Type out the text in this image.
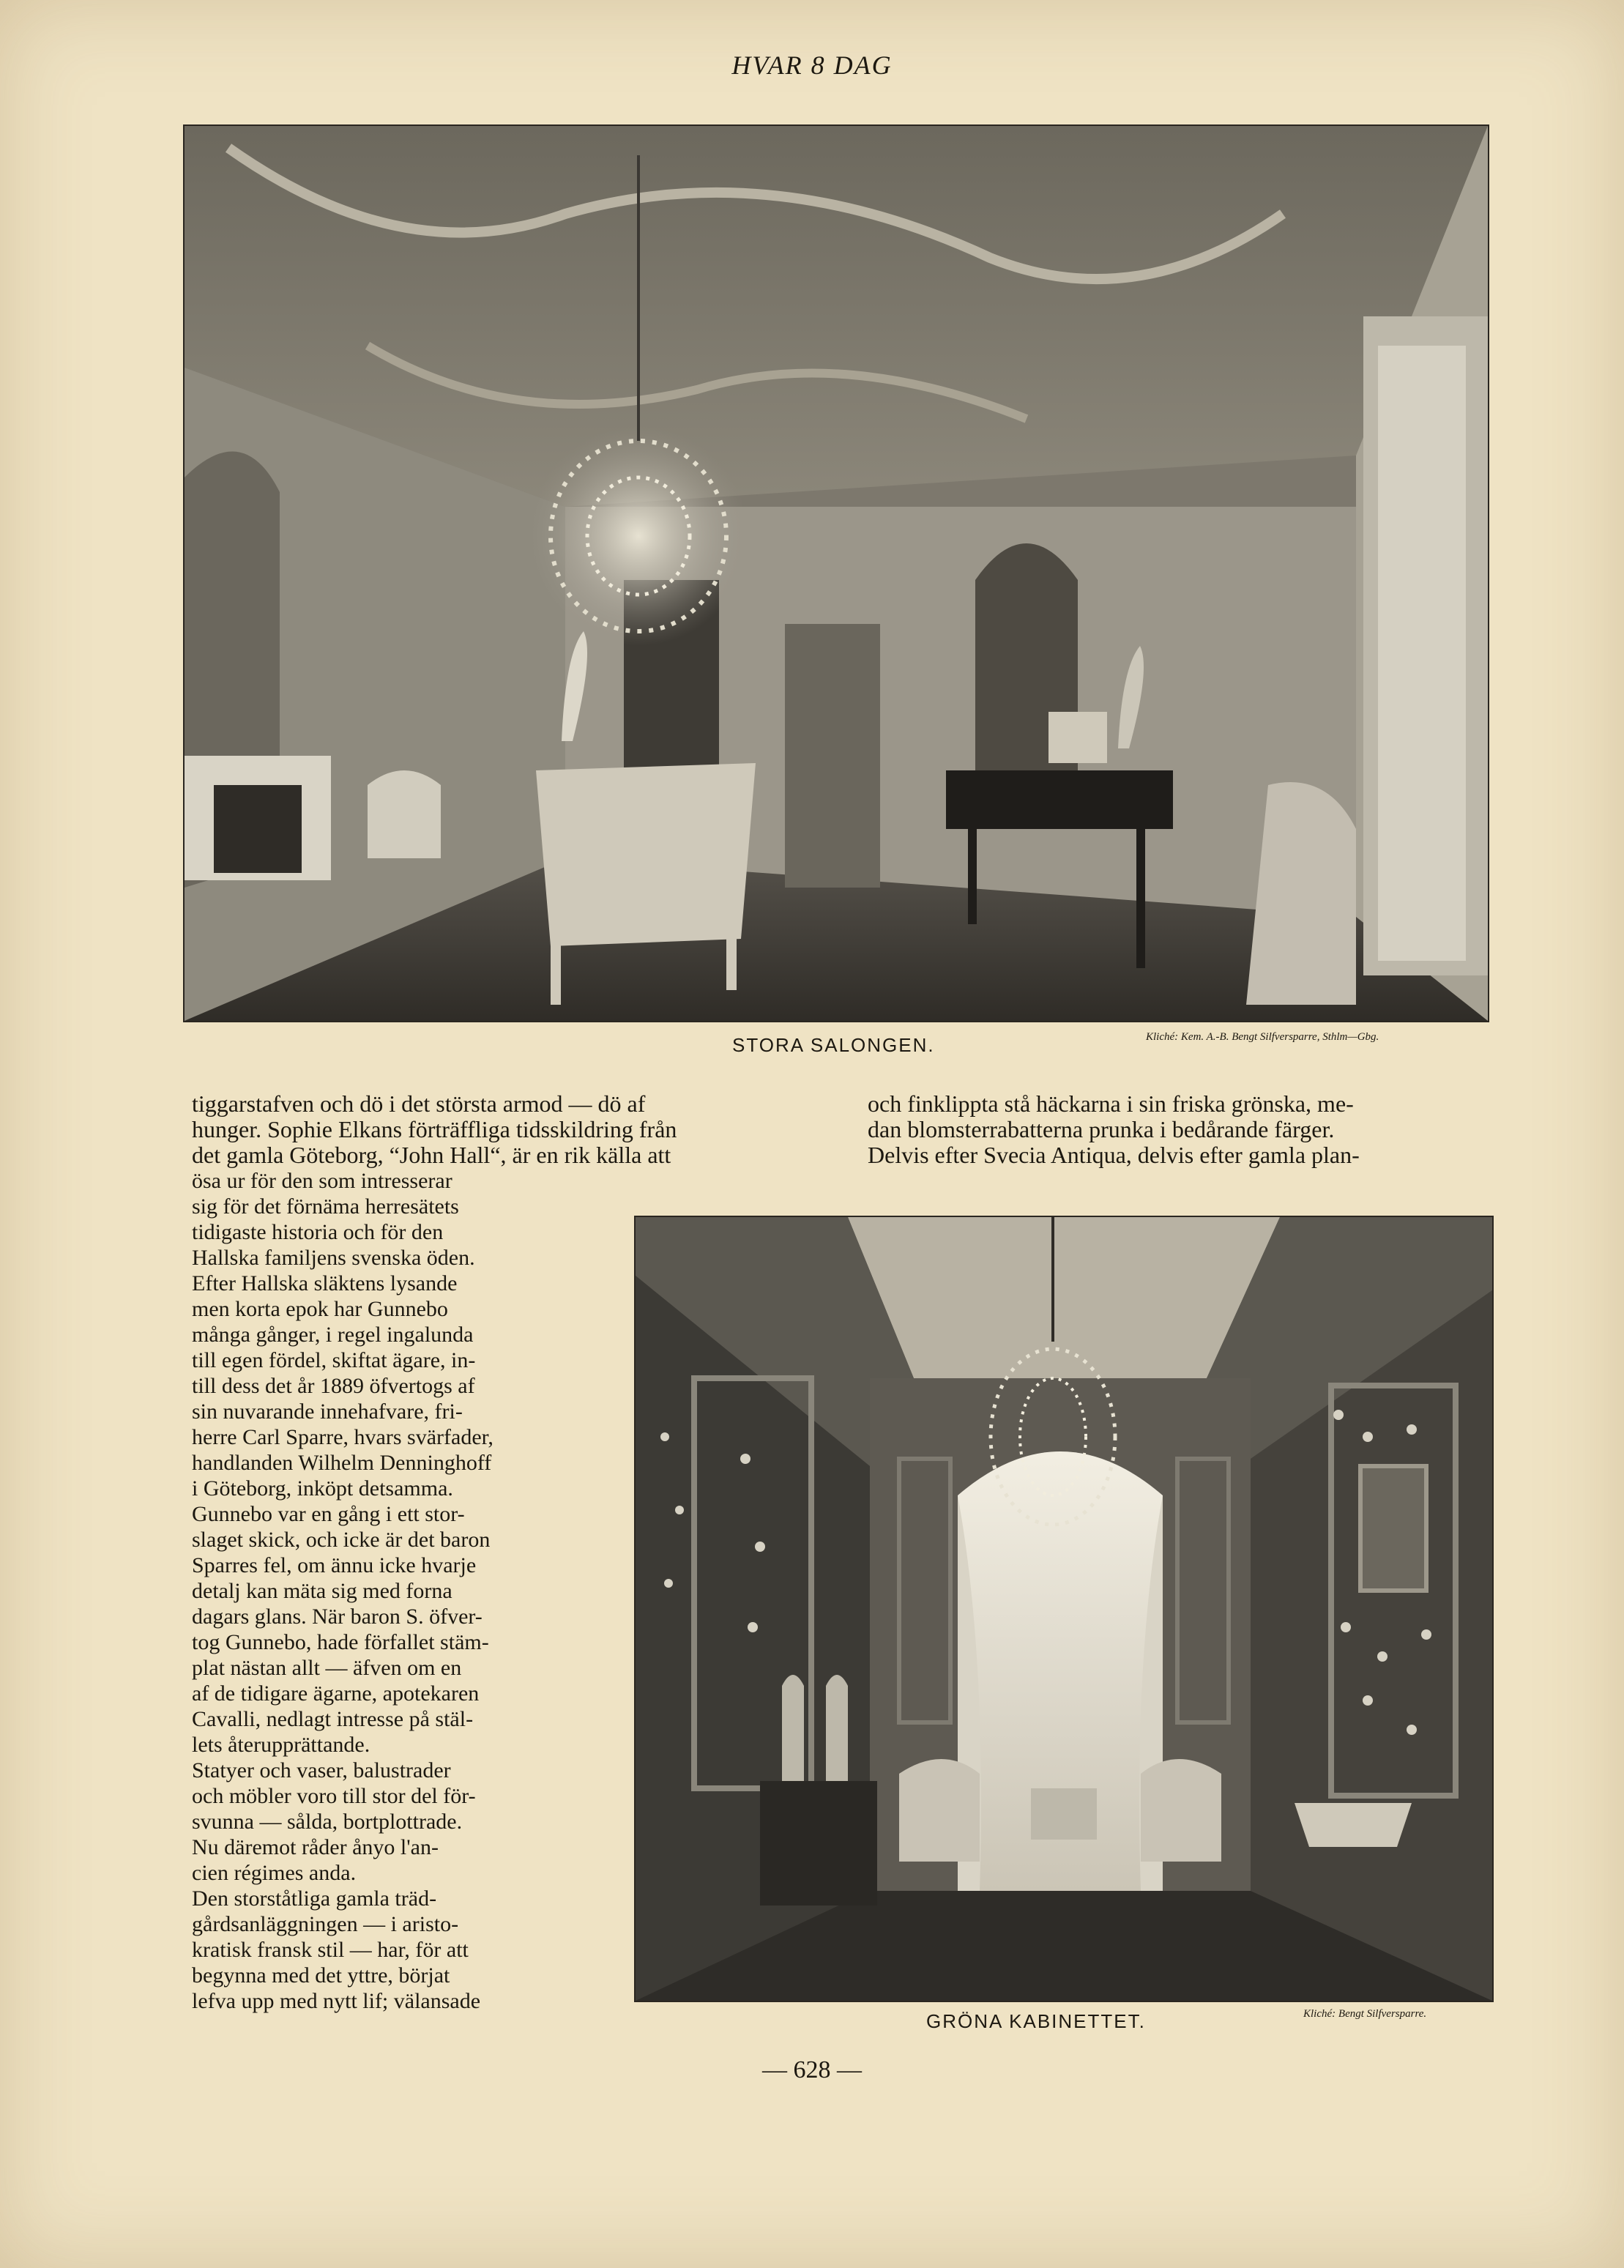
HVAR 8 DAG
STORA SALONGEN.	Kliché: Kem. A.-B. Bengt Silfversparre, Sthlm—Gbg.
tiggarstafven och dö i det största armod — dö af
hunger. Sophie Elkans förträffliga tidsskildring från
det gamla Göteborg, “John Hall“, är en rik källa att
och finklippta stå häckarna i sin friska grönska, me-
dan blomsterrabatterna prunka i bedårande färger.
Delvis efter Svecia Antiqua, delvis efter gamla plan-
ösa ur för den som intresserar
sig för det förnäma herresätets
tidigaste historia och för den
Hallska familjens svenska öden.
Efter Hallska släktens lysande
men korta epok har Gunnebo
många gånger, i regel ingalunda
till egen fördel, skiftat ägare, in-
till dess det år 1889 öfvertogs af
sin nuvarande innehafvare, fri-
herre Carl Sparre, hvars svärfader,
handlanden Wilhelm Denninghoff
i Göteborg, inköpt detsamma.
Gunnebo var en gång i ett stor-
slaget skick, och icke är det baron
Sparres fel, om ännu icke hvarje
detalj kan mäta sig med forna
dagars glans. När baron S. öfver-
tog Gunnebo, hade förfallet stäm-
plat nästan allt — äfven om en
af de tidigare ägarne, apotekaren
Cavalli, nedlagt intresse på stäl-
lets återupprättande.
Statyer och vaser, balustrader
och möbler voro till stor del för-
svunna — sålda, bortplottrade.
Nu däremot råder ånyo l'an-
cien régimes anda.
Den storståtliga gamla träd-
gårdsanläggningen — i aristo-
kratisk fransk stil — har, för att
begynna med det yttre, börjat
lefva upp med nytt lif; välansade
GRÖNA KABINETTET.	Kliché: Bengt Silfversparre.
— 628 —
